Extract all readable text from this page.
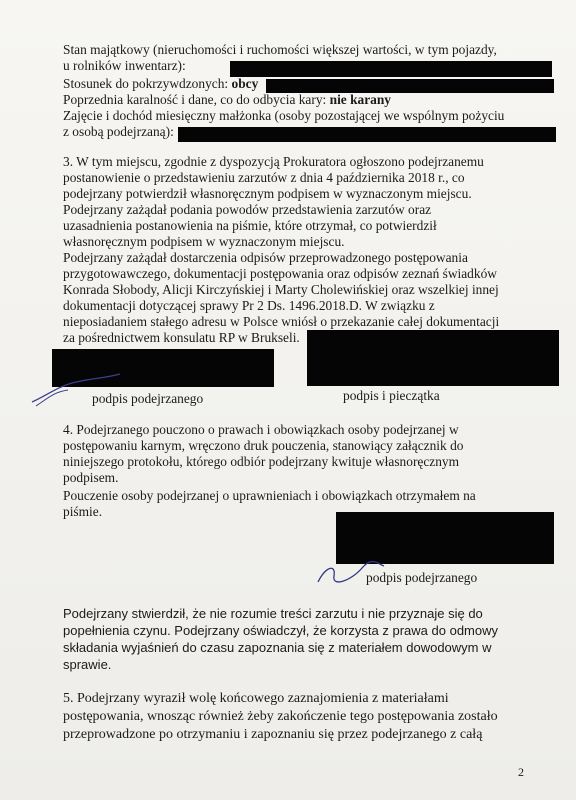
Stan majątkowy (nieruchomości i ruchomości większej wartości, w tym pojazdy,
u rolników inwentarz):
Stosunek do pokrzywdzonych: obcy
Poprzednia karalność i dane, co do odbycia kary: nie karany
Zajęcie i dochód miesięczny małżonka (osoby pozostającej we wspólnym pożyciu
z osobą podejrzaną):
3. W tym miejscu, zgodnie z dyspozycją Prokuratora ogłoszono podejrzanemu
postanowienie o przedstawieniu zarzutów z dnia 4 października 2018 r., co
podejrzany potwierdził własnoręcznym podpisem w wyznaczonym miejscu.
Podejrzany zażądał podania powodów przedstawienia zarzutów oraz
uzasadnienia postanowienia na piśmie, które otrzymał, co potwierdził
własnoręcznym podpisem w wyznaczonym miejscu.
Podejrzany zażądał dostarczenia odpisów przeprowadzonego postępowania
przygotowawczego, dokumentacji postępowania oraz odpisów zeznań świadków
Konrada Słobody, Alicji Kirczyńskiej i Marty Cholewińskiej oraz wszelkiej innej
dokumentacji dotyczącej sprawy Pr 2 Ds. 1496.2018.D. W związku z
nieposiadaniem stałego adresu w Polsce wniósł o przekazanie całej dokumentacji
za pośrednictwem konsulatu RP w Brukseli.
podpis podejrzanego	podpis i pieczątka
4. Podejrzanego pouczono o prawach i obowiązkach osoby podejrzanej w
postępowaniu karnym, wręczono druk pouczenia, stanowiący załącznik do
niniejszego protokołu, którego odbiór podejrzany kwituje własnoręcznym
podpisem.
Pouczenie osoby podejrzanej o uprawnieniach i obowiązkach otrzymałem na
piśmie.
podpis podejrzanego
Podejrzany stwierdził, że nie rozumie treści zarzutu i nie przyznaje się do
popełnienia czynu. Podejrzany oświadczył, że korzysta z prawa do odmowy
składania wyjaśnień do czasu zapoznania się z materiałem dowodowym w
sprawie.
5. Podejrzany wyraził wolę końcowego zaznajomienia z materiałami
postępowania, wnosząc również żeby zakończenie tego postępowania zostało
przeprowadzone po otrzymaniu i zapoznaniu się przez podejrzanego z całą
2
